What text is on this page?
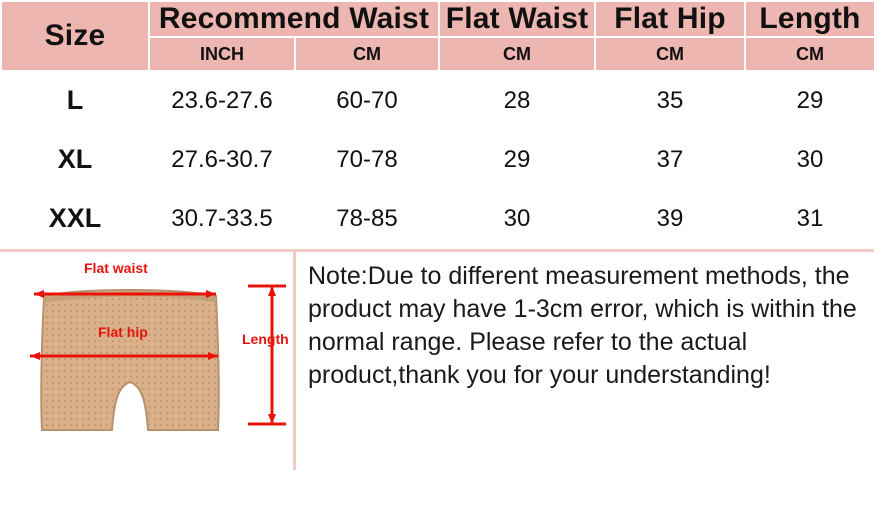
Size	Recommend Waist		Flat Waist	Flat Hip	Length
	INCH	CM	CM	CM	CM
L	23.6-27.6	60-70	28	35	29
XL	27.6-30.7	70-78	29	37	30
XXL	30.7-33.5	78-85	30	39	31
Flat waist
Flat hip	Length
Note:Due to different measurement methods, the product may have 1-3cm error, which is within the normal range. Please refer to the actual product,thank you for your understanding!
